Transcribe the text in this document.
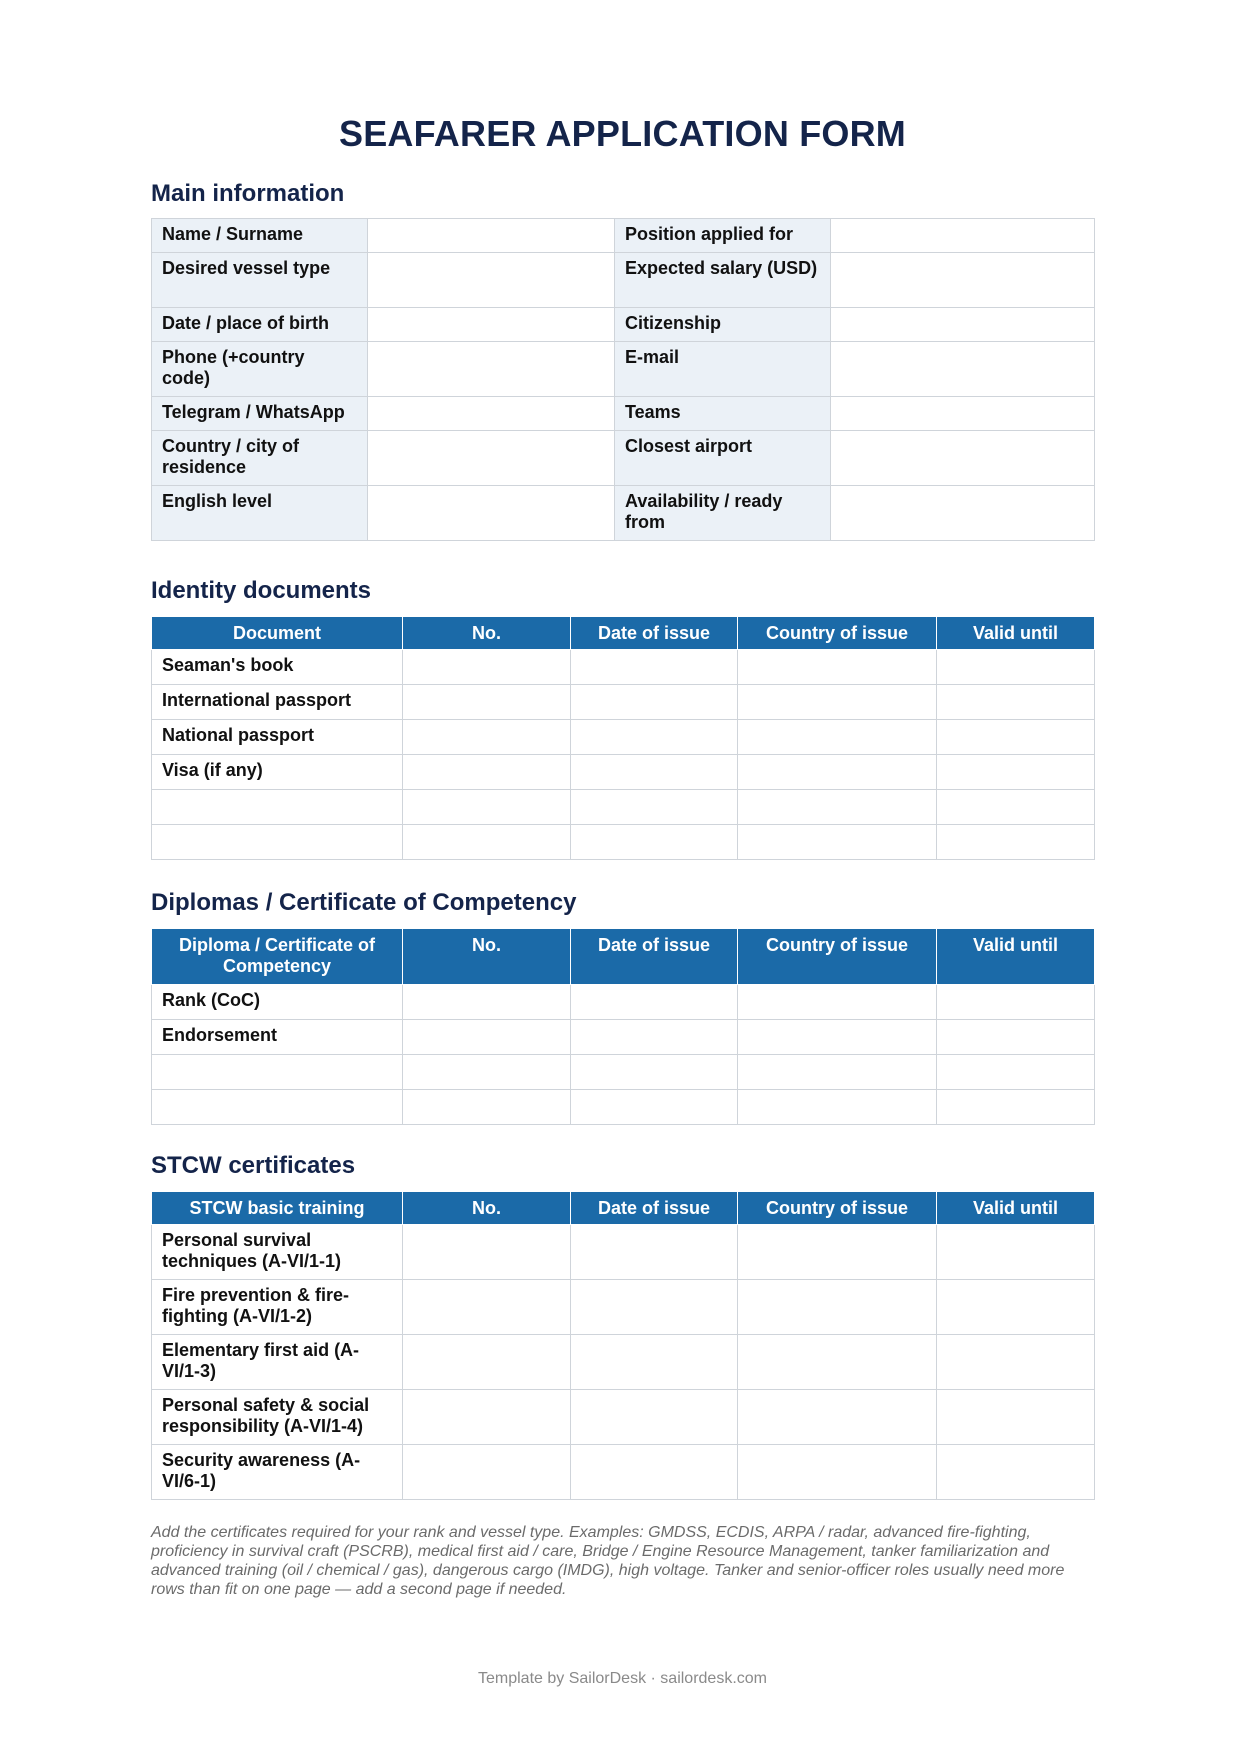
SEAFARER APPLICATION FORM
Main information
Name / Surname		Position applied for	
Desired vessel type		Expected salary (USD)	
Date / place of birth		Citizenship	
Phone (+country code)		E-mail	
Telegram / WhatsApp		Teams	
Country / city of residence		Closest airport	
English level		Availability / ready from	
Identity documents
Document	No.	Date of issue	Country of issue	Valid until
Seaman's book				
International passport				
National passport				
Visa (if any)				

Diplomas / Certificate of Competency
Diploma / Certificate of Competency	No.	Date of issue	Country of issue	Valid until
Rank (CoC)				
Endorsement				

STCW certificates
STCW basic training	No.	Date of issue	Country of issue	Valid until
Personal survival techniques (A-VI/1-1)				
Fire prevention & fire-fighting (A-VI/1-2)				
Elementary first aid (A-VI/1-3)				
Personal safety & social responsibility (A-VI/1-4)				
Security awareness (A-VI/6-1)				

Add the certificates required for your rank and vessel type. Examples: GMDSS, ECDIS, ARPA / radar, advanced fire-fighting, proficiency in survival craft (PSCRB), medical first aid / care, Bridge / Engine Resource Management, tanker familiarization and advanced training (oil / chemical / gas), dangerous cargo (IMDG), high voltage. Tanker and senior-officer roles usually need more rows than fit on one page — add a second page if needed.

Template by SailorDesk · sailordesk.com
